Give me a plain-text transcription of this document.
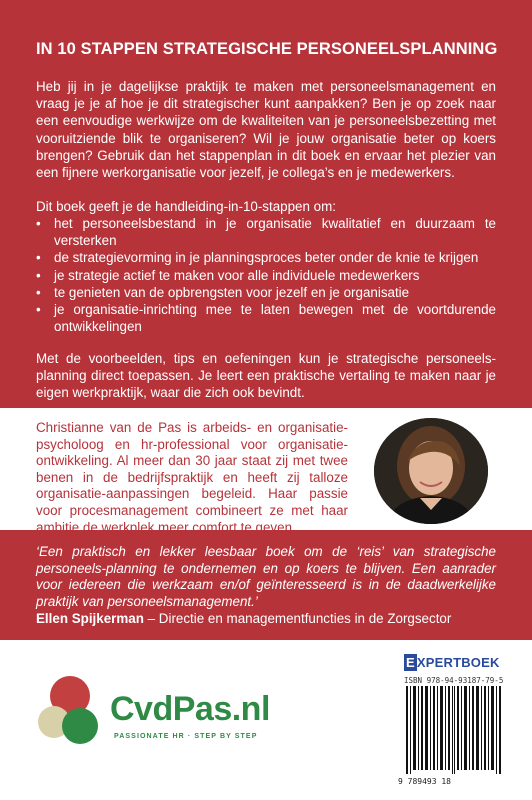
IN 10 STAPPEN STRATEGISCHE PERSONEELSPLANNING

Heb jij in je dagelijkse praktijk te maken met personeelsmanagement en vraag je je af hoe je dit strategischer kunt aanpakken? Ben je op zoek naar een eenvoudige werkwijze om de kwaliteiten van je personeelsbezetting met vooruitziende blik te organiseren? Wil je jouw organisatie beter op koers brengen? Gebruik dan het stappenplan in dit boek en ervaar het plezier van een fijnere werkorganisatie voor jezelf, je collega’s en je medewerkers.

Dit boek geeft je de handleiding-in-10-stappen om:
• het personeelsbestand in je organisatie kwalitatief en duurzaam te versterken
• de strategievorming in je planningsproces beter onder de knie te krijgen
• je strategie actief te maken voor alle individuele medewerkers
• te genieten van de opbrengsten voor jezelf en je organisatie
• je organisatie-inrichting mee te laten bewegen met de voortdurende ontwikkelingen

Met de voorbeelden, tips en oefeningen kun je strategische personeels-planning direct toepassen. Je leert een praktische vertaling te maken naar je eigen werkpraktijk, waar die zich ook bevindt.

Christianne van de Pas is arbeids- en organisatie-psycholoog en hr-professional voor organisatie-ontwikkeling. Al meer dan 30 jaar staat zij met twee benen in de bedrijfspraktijk en heeft zij talloze organisatie-aanpassingen begeleid. Haar passie voor procesmanagement combineert ze met haar ambitie de werkplek meer comfort te geven.

‘Een praktisch en lekker leesbaar boek om de ‘reis’ van strategische personeels-planning te ondernemen en op koers te blijven. Een aanrader voor iedereen die werkzaam en/of geïnteresseerd is in de daadwerkelijke praktijk van personeelsmanagement.’

Ellen Spijkerman – Directie en managementfuncties in de Zorgsector
CvdPas.nl
PASSIONATE HR · STEP BY STEP
E XPERTBOEK
ISBN 978-94-93187-79-5
9 789493 18
